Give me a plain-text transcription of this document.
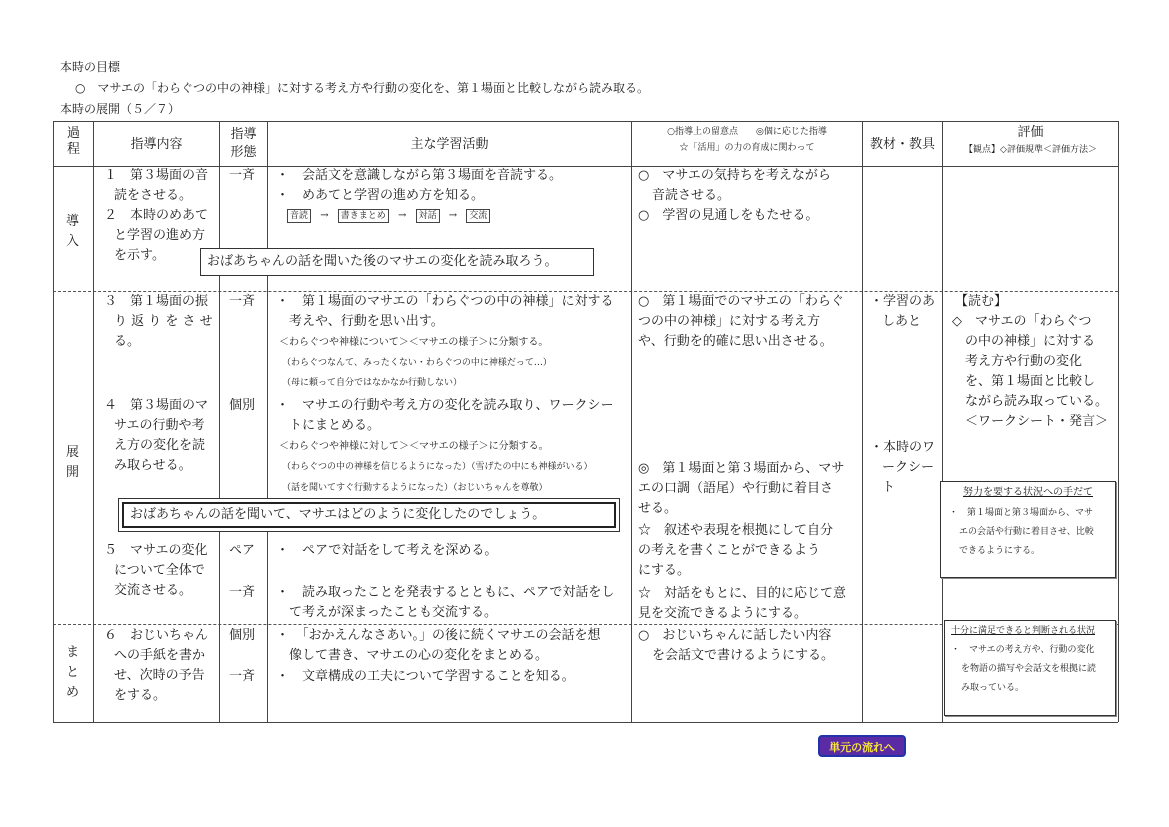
本時の目標
○　マサエの「わらぐつの中の神様」に対する考え方や行動の変化を、第１場面と比較しながら読み取る。
本時の展開（５／７）
過程	指導内容
指導
形態
主な学習活動
○指導上の留意点　　◎個に応じた指導
☆「活用」の力の育成に関わって	教材・教具
評価
【観点】◇評価規準＜評価方法＞
導入
展開
まとめ
１　第３場面の音
読をさせる。
２　本時のめあて
と学習の進め方
を示す。
一斉 ・　会話文を意識しながら第３場面を音読する。
・　めあてと学習の進め方を知る。
音読 → 書きまとめ → 対話 → 交流
○　マサエの気持ちを考えながら
音読させる。
○　学習の見通しをもたせる。
おばあちゃんの話を聞いた後のマサエの変化を読み取ろう。
３　第１場面の振
り 返 り を さ せ
る。
一斉 ・　第１場面のマサエの「わらぐつの中の神様」に対する
考えや、行動を思い出す。
＜わらぐつや神様について＞＜マサエの様子＞に分類する。
（わらぐつなんて、みったくない・わらぐつの中に神様だって…）
（母に頼って自分ではなかなか行動しない）
４　第３場面のマ
サエの行動や考
え方の変化を読
み取らせる。
個別 ・　マサエの行動や考え方の変化を読み取り、ワークシー
トにまとめる。
＜わらぐつや神様に対して＞＜マサエの様子＞に分類する。
（わらぐつの中の神様を信じるようになった）（雪げたの中にも神様がいる）
（話を聞いてすぐ行動するようになった）（おじいちゃんを尊敬）
おばあちゃんの話を聞いて、マサエはどのように変化したのでしょう。
５　マサエの変化
について全体で
交流させる。
ペア
一斉
・　ペアで対話をして考えを深める。
・　読み取ったことを発表するとともに、ペアで対話をし
て考えが深まったことも交流する。
○　第１場面でのマサエの「わらぐ
つの中の神様」に対する考え方
や、行動を的確に思い出させる。
◎　第１場面と第３場面から、マサ
エの口調（語尾）や行動に着目さ
せる。
☆　叙述や表現を根拠にして自分
の考えを書くことができるよう
にする。
☆　対話をもとに、目的に応じて意
見を交流できるようにする。
・学習のあ
しあと
・本時のワ
ークシー
ト
【読む】
◇　マサエの「わらぐつ
の中の神様」に対する
考え方や行動の変化
を、第１場面と比較し
ながら読み取っている。
＜ワークシート・発言＞
努力を要する状況への手だて
・　第１場面と第３場面から、マサ
エの会話や行動に着目させ、比較
できるようにする。
６　おじいちゃん
への手紙を書か
せ、次時の予告
をする。
個別
一斉
・　「おかえんなさあい。」の後に続くマサエの会話を想
像して書き、マサエの心の変化をまとめる。
・　文章構成の工夫について学習することを知る。
○　おじいちゃんに話したい内容
を会話文で書けるようにする。
十分に満足できると判断される状況
・　マサエの考え方や、行動の変化
を物語の描写や会話文を根拠に読
み取っている。
単元の流れへ
